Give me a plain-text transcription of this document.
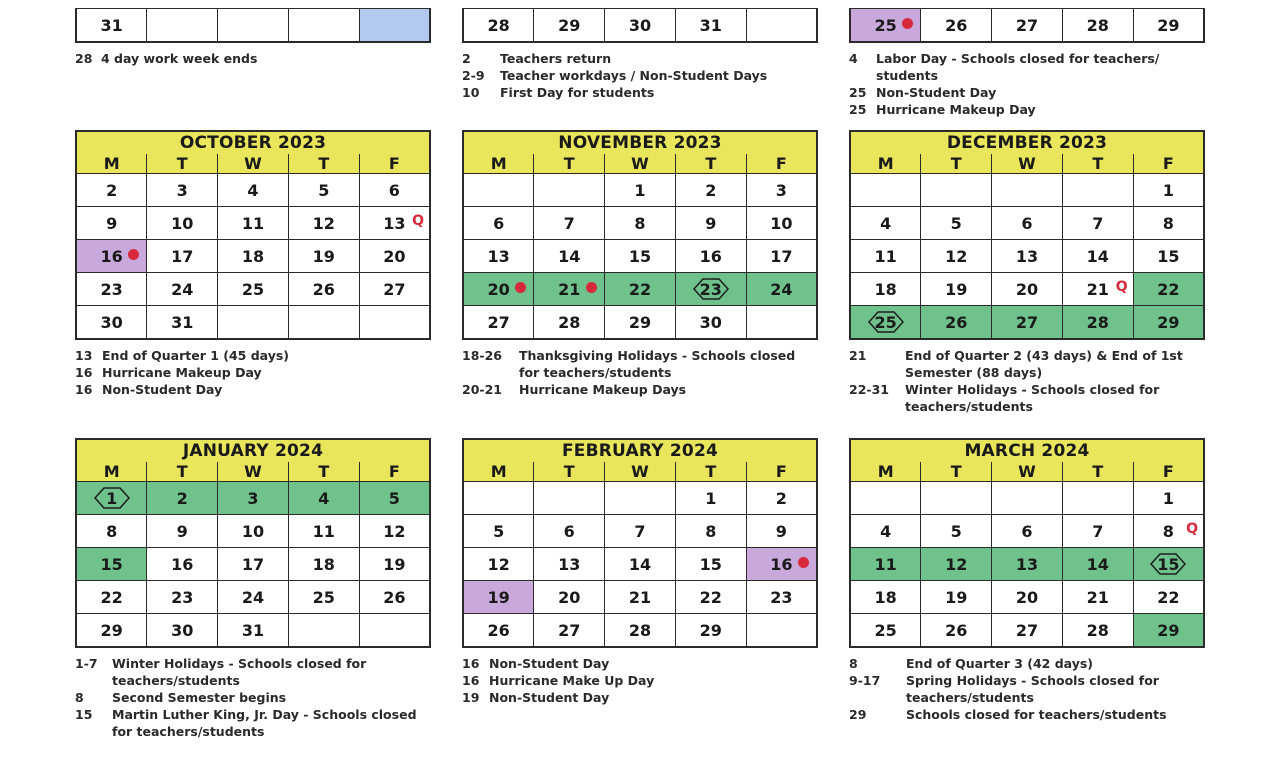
31				
28 4 day work week ends
28	29	30	31	
2	Teachers return
2-9	Teacher workdays / Non-Student Days
10	First Day for students
25	26	27	28	29
4	Labor Day - Schools closed for teachers/ students
25 Non-Student Day
25 Hurricane Makeup Day
OCTOBER 2023				
M	T	W	T	F
2	3	4	5	6
9	10	11	12	13 Q

16	17	18	19	20
23	24	25	26	27
30	31			
13 End of Quarter 1 (45 days)
16 Hurricane Makeup Day
16 Non-Student Day
NOVEMBER 2023				
M	T	W	T	F
		1	2	3
6	7	8	9	10
13	14	15	16	17
20	21	22	23	24
27	28	29	30	
18-26	Thanksgiving Holidays - Schools closed for teachers/students
20-21	Hurricane Makeup Days
DECEMBER 2023				
M	T	W	T	F
				1
4	5	6	7	8
11	12	13	14	15
18	19	20	21 Q	22

25	26	27	28	29
21	End of Quarter 2 (43 days) & End of 1st Semester (88 days)
22-31	Winter Holidays - Schools closed for teachers/students
JANUARY 2024				
M	T	W	T	F

1	2	3	4	5
8	9	10	11	12
15	16	17	18	19
22	23	24	25	26
29	30	31		
1-7	Winter Holidays - Schools closed for teachers/students
8	Second Semester begins
15	Martin Luther King, Jr. Day - Schools closed for teachers/students
FEBRUARY 2024				
M	T	W	T	F
			1	2
5	6	7	8	9
12	13	14	15	16

19	20	21	22	23
26	27	28	29	
16 Non-Student Day
16 Hurricane Make Up Day
19 Non-Student Day
MARCH 2024				
M	T	W	T	F
				1
4	5	6	7	8 Q

11	12	13	14	15
18	19	20	21	22
25	26	27	28	29
8	End of Quarter 3 (42 days)
9-17	Spring Holidays - Schools closed for teachers/students
29	Schools closed for teachers/students
